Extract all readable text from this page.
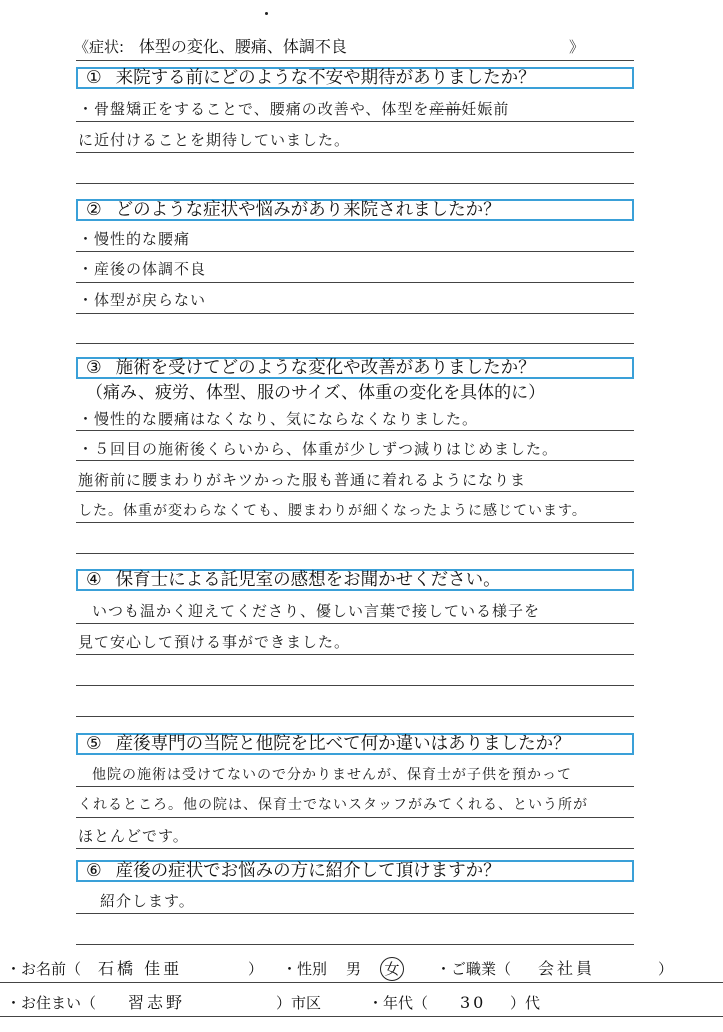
《症状: 体型の変化、腰痛、体調不良	》
① 来院する前にどのような不安や期待がありましたか？
・骨盤矯正をすることで、腰痛の改善や、体型を産前妊娠前
に近付けることを期待していました。
② どのような症状や悩みがあり来院されましたか？
・慢性的な腰痛
・産後の体調不良
・体型が戻らない
③ 施術を受けてどのような変化や改善がありましたか？
（痛み、疲労、体型、服のサイズ、体重の変化を具体的に）
・慢性的な腰痛はなくなり、気にならなくなりました。
・５回目の施術後くらいから、体重が少しずつ減りはじめました。
施術前に腰まわりがキツかった服も普通に着れるようになりま
した。体重が変わらなくても、腰まわりが細くなったように感じています。
④ 保育士による託児室の感想をお聞かせください。
いつも温かく迎えてくださり、優しい言葉で接している様子を
見て安心して預ける事ができました。
⑤ 産後専門の当院と他院を比べて何か違いはありましたか？
他院の施術は受けてないので分かりませんが、保育士が子供を預かって
くれるところ。他の院は、保育士でないスタッフがみてくれる、という所が
ほとんどです。
⑥ 産後の症状でお悩みの方に紹介して頂けますか？
紹介します。
・お名前（ 石橋 佳亜	） ・性別 男 女	・ご職業（ 会社員	）
・お住まい（ 習志野	）市区	・年代（ 30 ）代
